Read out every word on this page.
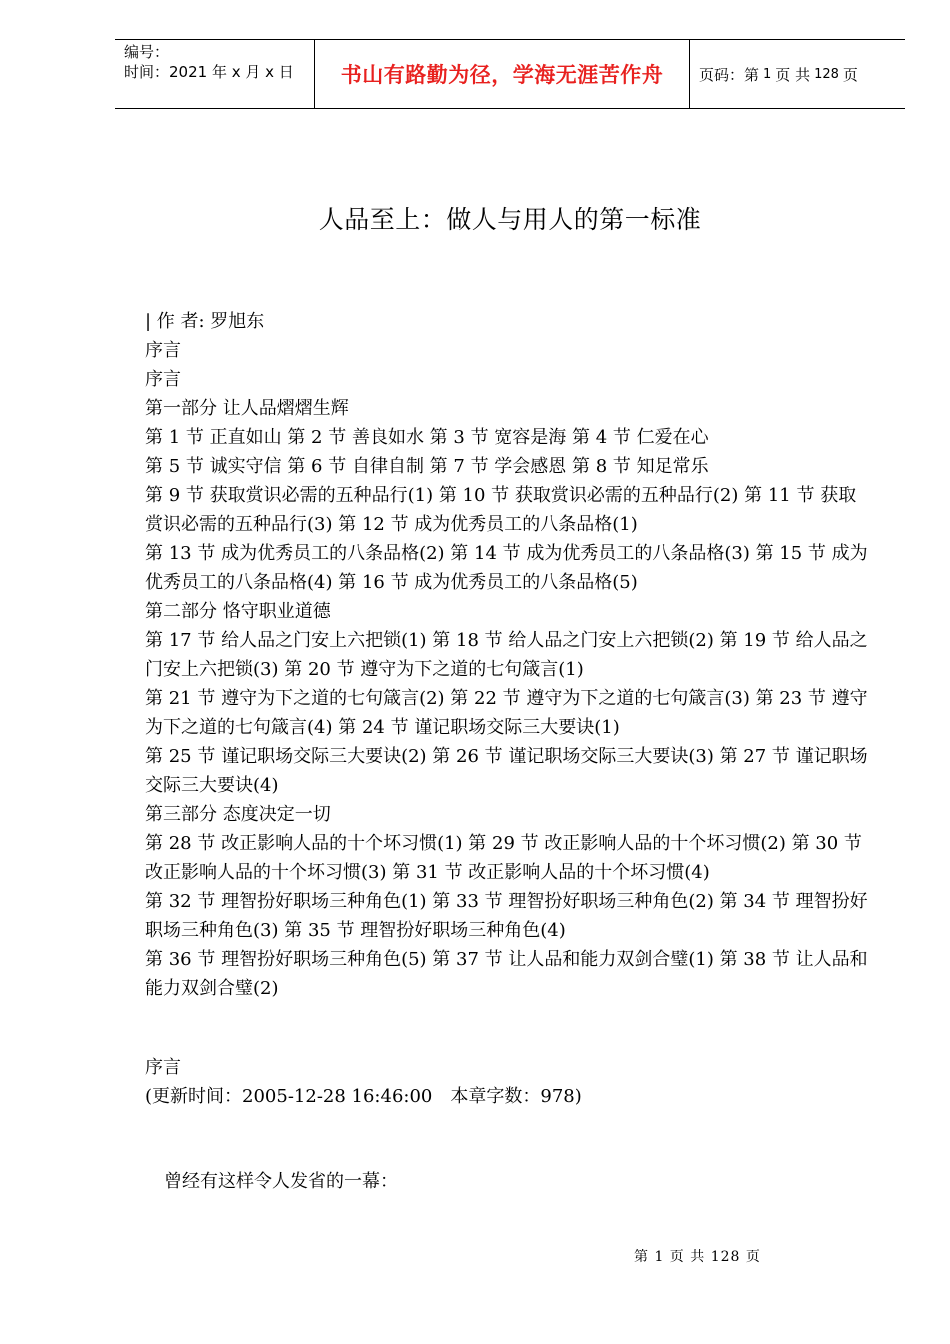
编号：
时间：2021 年 x 月 x 日	书山有路勤为径，学海无涯苦作舟	页码：第 1 页 共 128 页
人品至上：做人与用人的第一标准
| 作 者: 罗旭东
序言
序言
第一部分 让人品熠熠生辉
第 1 节 正直如山 第 2 节 善良如水 第 3 节 宽容是海 第 4 节 仁爱在心
第 5 节 诚实守信 第 6 节 自律自制 第 7 节 学会感恩 第 8 节 知足常乐
第 9 节 获取赏识必需的五种品行(1) 第 10 节 获取赏识必需的五种品行(2) 第 11 节 获取
赏识必需的五种品行(3) 第 12 节 成为优秀员工的八条品格(1)
第 13 节 成为优秀员工的八条品格(2) 第 14 节 成为优秀员工的八条品格(3) 第 15 节 成为
优秀员工的八条品格(4) 第 16 节 成为优秀员工的八条品格(5)
第二部分 恪守职业道德
第 17 节 给人品之门安上六把锁(1) 第 18 节 给人品之门安上六把锁(2) 第 19 节 给人品之
门安上六把锁(3) 第 20 节 遵守为下之道的七句箴言(1)
第 21 节 遵守为下之道的七句箴言(2) 第 22 节 遵守为下之道的七句箴言(3) 第 23 节 遵守
为下之道的七句箴言(4) 第 24 节 谨记职场交际三大要诀(1)
第 25 节 谨记职场交际三大要诀(2) 第 26 节 谨记职场交际三大要诀(3) 第 27 节 谨记职场
交际三大要诀(4)
第三部分 态度决定一切
第 28 节 改正影响人品的十个坏习惯(1) 第 29 节 改正影响人品的十个坏习惯(2) 第 30 节
改正影响人品的十个坏习惯(3) 第 31 节 改正影响人品的十个坏习惯(4)
第 32 节 理智扮好职场三种角色(1) 第 33 节 理智扮好职场三种角色(2) 第 34 节 理智扮好
职场三种角色(3) 第 35 节 理智扮好职场三种角色(4)
第 36 节 理智扮好职场三种角色(5) 第 37 节 让人品和能力双剑合璧(1) 第 38 节 让人品和
能力双剑合璧(2)
序言
(更新时间：2005-12-28 16:46:00　本章字数：978)
曾经有这样令人发省的一幕：
第 1 页 共 128 页
